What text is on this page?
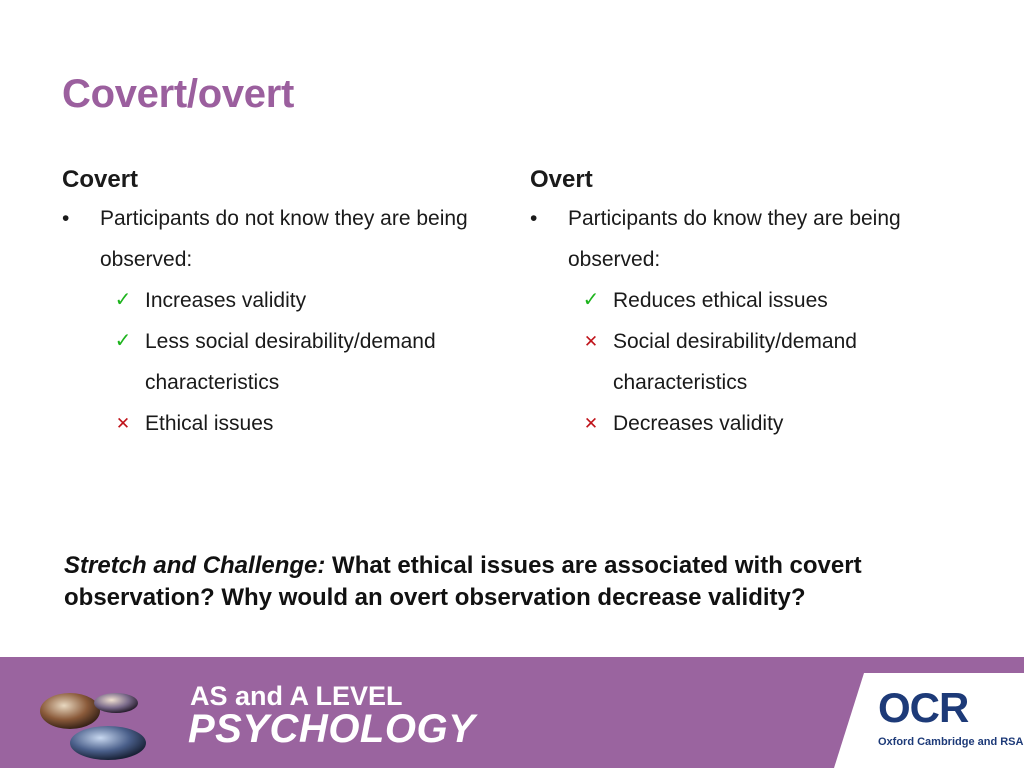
Covert/overt
Covert
• Participants do not know they are being observed:
✓ Increases validity
✓ Less social desirability/demand characteristics
✕ Ethical issues
Overt
• Participants do know they are being observed:
✓ Reduces ethical issues
✕ Social desirability/demand characteristics
✕ Decreases validity
Stretch and Challenge: What ethical issues are associated with covert observation? Why would an overt observation decrease validity?
AS and A LEVEL
PSYCHOLOGY	OCR
Oxford Cambridge and RSA
